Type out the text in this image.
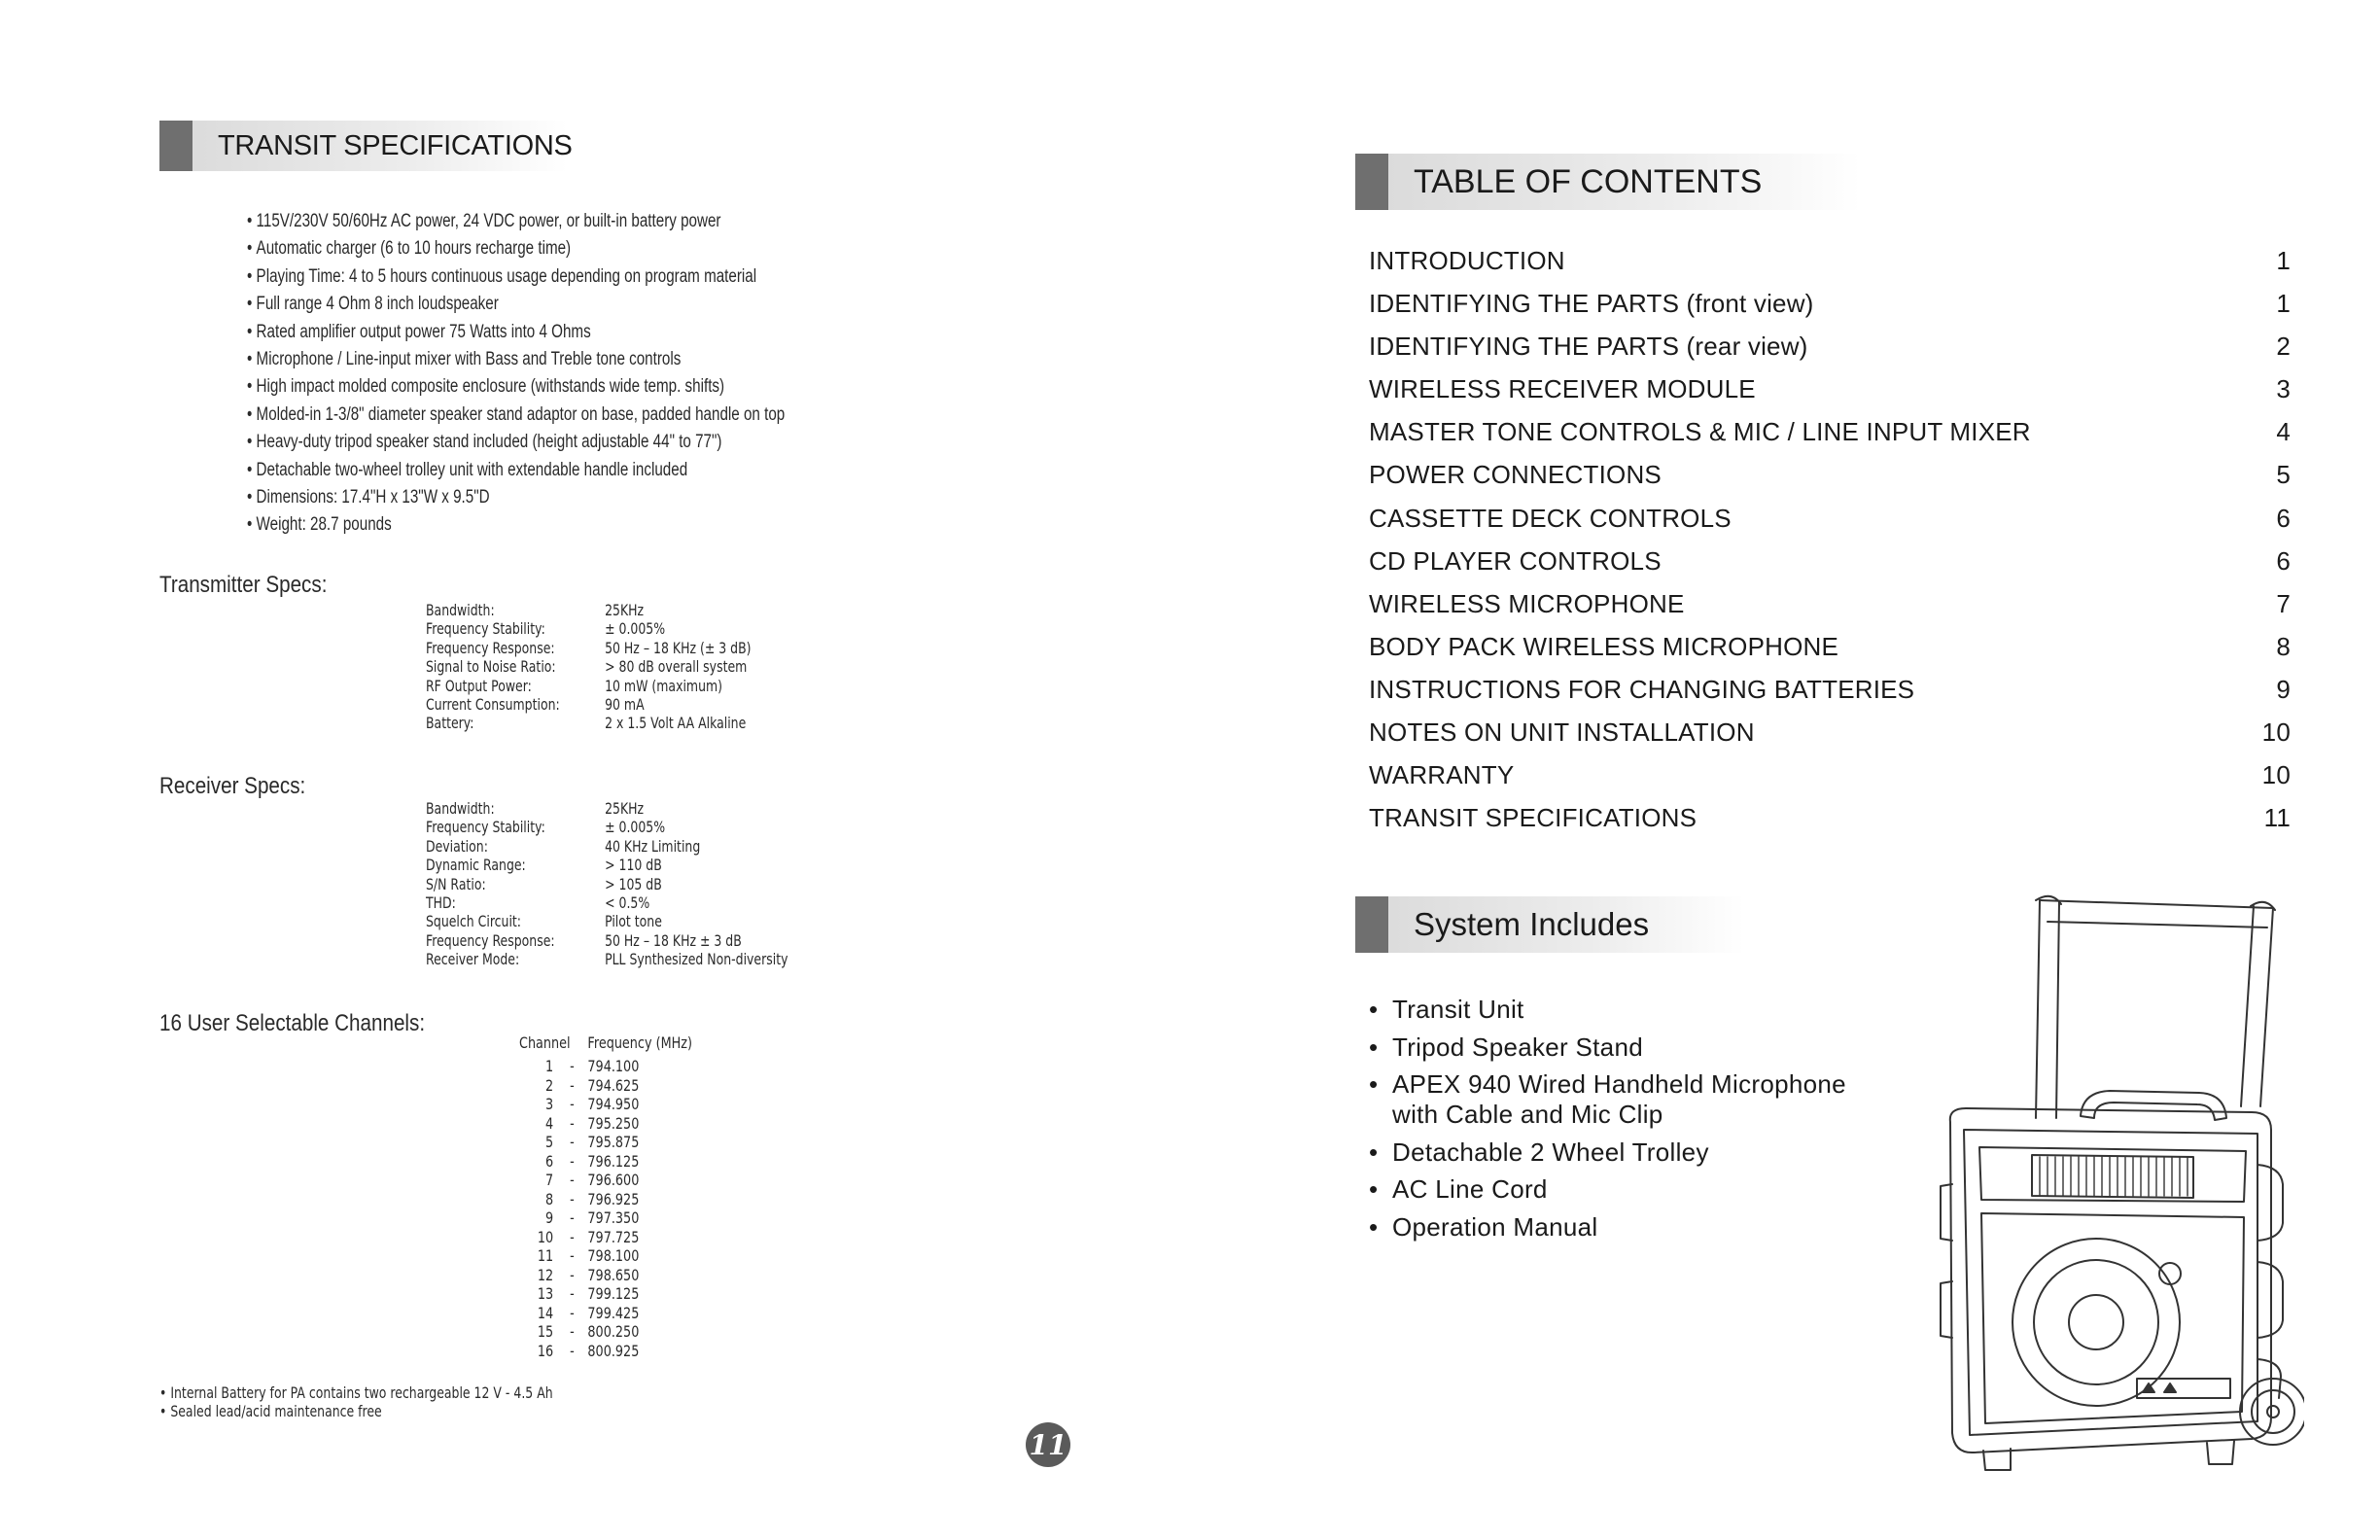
TRANSIT SPECIFICATIONS
• 115V/230V 50/60Hz AC power, 24 VDC power, or built-in battery power
• Automatic charger (6 to 10 hours recharge time)
• Playing Time: 4 to 5 hours continuous usage depending on program material
• Full range 4 Ohm 8 inch loudspeaker
• Rated amplifier output power 75 Watts into 4 Ohms
• Microphone / Line-input mixer with Bass and Treble tone controls
• High impact molded composite enclosure (withstands wide temp. shifts)
• Molded-in 1-3/8" diameter speaker stand adaptor on base, padded handle on top
• Heavy-duty tripod speaker stand included (height adjustable 44" to 77")
• Detachable two-wheel trolley unit with extendable handle included
• Dimensions: 17.4"H x 13"W x 9.5"D
• Weight: 28.7 pounds
Transmitter Specs:
Bandwidth:	25KHz
Frequency Stability:	± 0.005%
Frequency Response:	50 Hz – 18 KHz (± 3 dB)
Signal to Noise Ratio:	> 80 dB overall system
RF Output Power:	10 mW (maximum)
Current Consumption:	90 mA
Battery:	2 x 1.5 Volt AA Alkaline
Receiver Specs:
Bandwidth:	25KHz
Frequency Stability:	± 0.005%
Deviation:	40 KHz Limiting
Dynamic Range:	> 110 dB
S/N Ratio:	> 105 dB
THD:	< 0.5%
Squelch Circuit:	Pilot tone
Frequency Response:	50 Hz – 18 KHz ± 3 dB
Receiver Mode:	PLL Synthesized Non-diversity
16 User Selectable Channels:
Channel		Frequency (MHz)
1	-	794.100
2	-	794.625
3	-	794.950
4	-	795.250
5	-	795.875
6	-	796.125
7	-	796.600
8	-	796.925
9	-	797.350
10	-	797.725
11	-	798.100
12	-	798.650
13	-	799.125
14	-	799.425
15	-	800.250
16	-	800.925
• Internal Battery for PA contains two rechargeable 12 V - 4.5 Ah
• Sealed lead/acid maintenance free
11
TABLE OF CONTENTS
INTRODUCTION	1
IDENTIFYING THE PARTS (front view)	1
IDENTIFYING THE PARTS (rear view)	2
WIRELESS RECEIVER MODULE	3
MASTER TONE CONTROLS & MIC / LINE INPUT MIXER	4
POWER CONNECTIONS	5
CASSETTE DECK CONTROLS	6
CD PLAYER CONTROLS	6
WIRELESS MICROPHONE	7
BODY PACK WIRELESS MICROPHONE	8
INSTRUCTIONS FOR CHANGING BATTERIES	9
NOTES ON UNIT INSTALLATION	10
WARRANTY	10
TRANSIT SPECIFICATIONS	11
System Includes
• Transit Unit
• Tripod Speaker Stand
• APEX 940 Wired Handheld Microphone
with Cable and Mic Clip
• Detachable 2 Wheel Trolley
• AC Line Cord
• Operation Manual
